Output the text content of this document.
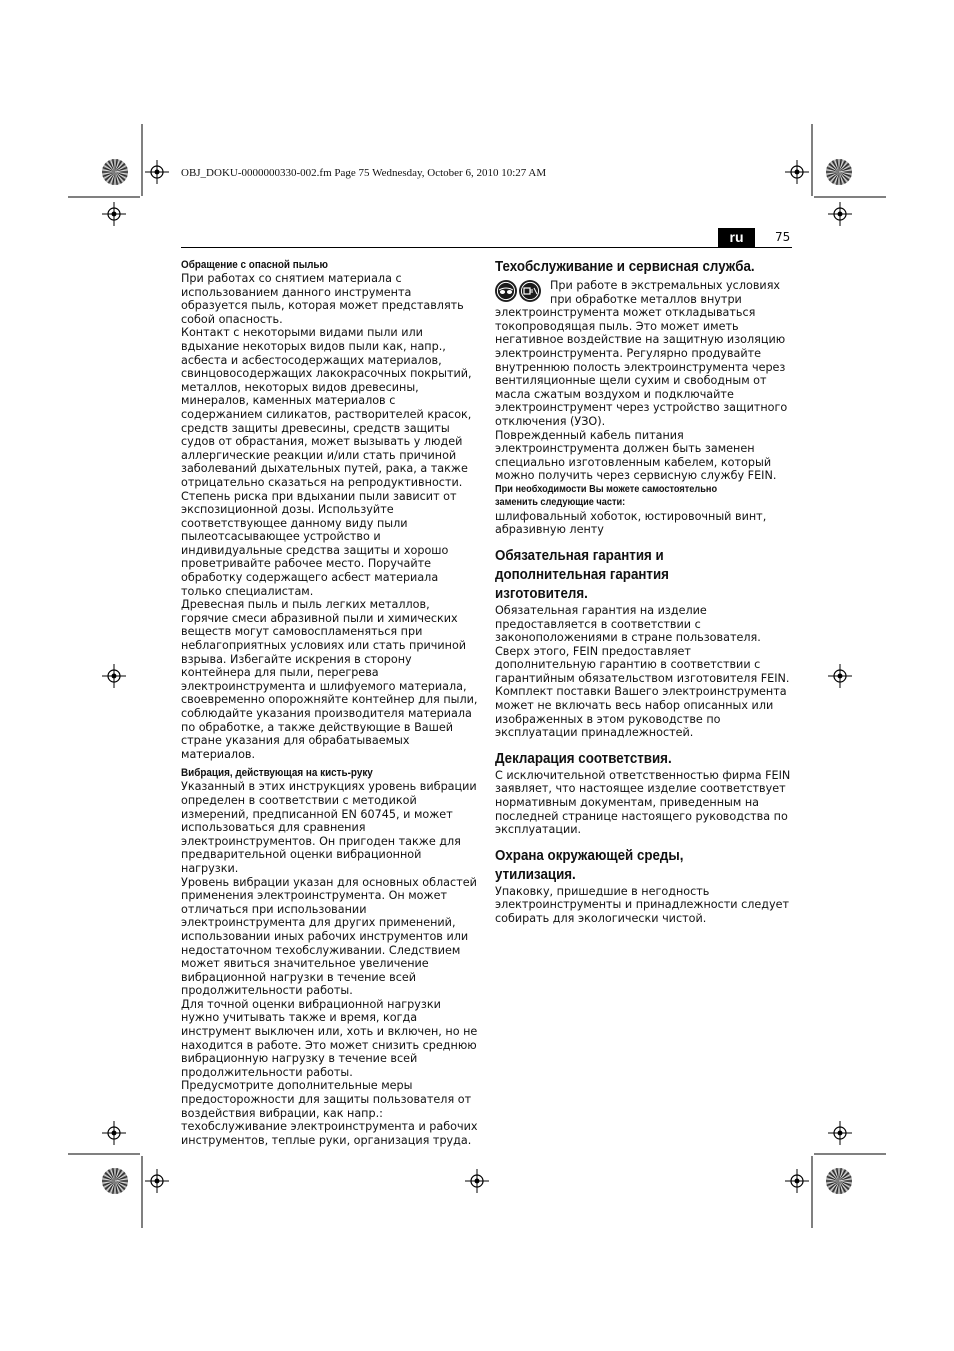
OBJ_DOKU-0000000330-002.fm Page 75 Wednesday, October 6, 2010 10:27 AM
ru	75
Обращение с опасной пылью

При работах со снятием материала с использованием данного инструмента образуется пыль, которая может представлять собой опасность.

Контакт с некоторыми видами пыли или вдыхание некоторых видов пыли как, напр., асбеста и асбестосодержащих материалов, свинцовосодержащих лакокрасочных покрытий, металлов, некоторых видов древесины, минералов, каменных материалов с содержанием силикатов, растворителей красок, средств защиты древесины, средств защиты судов от обрастания, может вызывать у людей аллергические реакции и/или стать причиной заболеваний дыхательных путей, рака, а также отрицательно сказаться на репродуктивности. Степень риска при вдыхании пыли зависит от экспозиционной дозы. Используйте соответствующее данному виду пыли пылеотсасывающее устройство и индивидуальные средства защиты и хорошо проветривайте рабочее место. Поручайте обработку содержащего асбест материала только специалистам.

Древесная пыль и пыль легких металлов, горячие смеси абразивной пыли и химических веществ могут самовоспламеняться при неблагоприятных условиях или стать причиной взрыва. Избегайте искрения в сторону контейнера для пыли, перегрева электроинструмента и шлифуемого материала, своевременно опорожняйте контейнер для пыли, соблюдайте указания производителя материала по обработке, а также действующие в Вашей стране указания для обрабатываемых материалов.

Вибрация, действующая на кисть-руку

Указанный в этих инструкциях уровень вибрации определен в соответствии с методикой измерений, предписанной EN 60745, и может использоваться для сравнения электроинструментов. Он пригоден также для предварительной оценки вибрационной нагрузки.

Уровень вибрации указан для основных областей применения электроинструмента. Он может отличаться при использовании электроинструмента для других применений, использовании иных рабочих инструментов или недостаточном техобслуживании. Следствием может явиться значительное увеличение вибрационной нагрузки в течение всей продолжительности работы.

Для точной оценки вибрационной нагрузки нужно учитывать также и время, когда инструмент выключен или, хоть и включен, но не находится в работе. Это может снизить среднюю вибрационную нагрузку в течение всей продолжительности работы.

Предусмотрите дополнительные меры предосторожности для защиты пользователя от воздействия вибрации, как напр.: техобслуживание электроинструмента и рабочих инструментов, теплые руки, организация труда.

Техобслуживание и сервисная служба.

При работе в экстремальных условиях при обработке металлов внутри электроинструмента может откладываться токопроводящая пыль. Это может иметь негативное воздействие на защитную изоляцию электроинструмента. Регулярно продувайте внутреннюю полость электроинструмента через вентиляционные щели сухим и свободным от масла сжатым воздухом и подключайте электроинструмент через устройство защитного отключения (УЗО).

Поврежденный кабель питания электроинструмента должен быть заменен специально изготовленным кабелем, который можно получить через сервисную службу FEIN.

При необходимости Вы можете самостоятельно
заменить следующие части:

шлифовальный хоботок, юстировочный винт, абразивную ленту

Обязательная гарантия и
дополнительная гарантия
изготовителя.

Обязательная гарантия на изделие предоставляется в соответствии с законоположениями в стране пользователя. Сверх этого, FEIN предоставляет дополнительную гарантию в соответствии с гарантийным обязательством изготовителя FEIN.

Комплект поставки Вашего электроинструмента может не включать весь набор описанных или изображенных в этом руководстве по эксплуатации принадлежностей.

Декларация соответствия.

С исключительной ответственностью фирма FEIN заявляет, что настоящее изделие соответствует нормативным документам, приведенным на последней странице настоящего руководства по эксплуатации.

Охрана окружающей среды,
утилизация.

Упаковку, пришедшие в негодность электроинструменты и принадлежности следует собирать для экологически чистой.
